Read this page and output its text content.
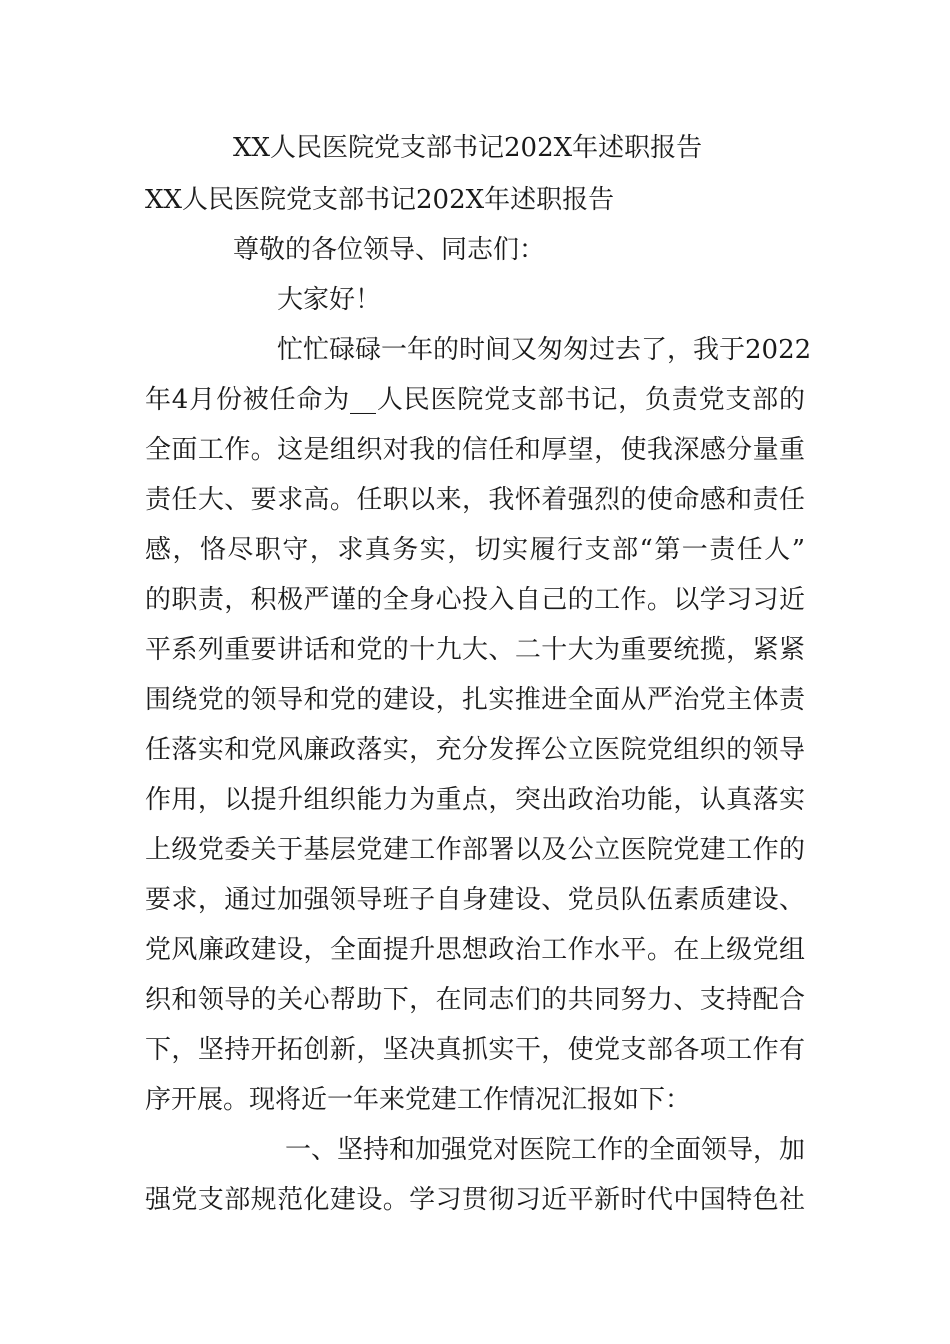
XX人民医院党支部书记202X年述职报告
XX人民医院党支部书记202X年述职报告
尊敬的各位领导、同志们：
大家好！
忙忙碌碌一年的时间又匆匆过去了，我于2022
年4月份被任命为__人民医院党支部书记，负责党支部的
全面工作。这是组织对我的信任和厚望，使我深感分量重
责任大、要求高。任职以来，我怀着强烈的使命感和责任
感，恪尽职守，求真务实，切实履行支部“第一责任人”
的职责，积极严谨的全身心投入自己的工作。以学习习近
平系列重要讲话和党的十九大、二十大为重要统揽，紧紧
围绕党的领导和党的建设，扎实推进全面从严治党主体责
任落实和党风廉政落实，充分发挥公立医院党组织的领导
作用，以提升组织能力为重点，突出政治功能，认真落实
上级党委关于基层党建工作部署以及公立医院党建工作的
要求，通过加强领导班子自身建设、党员队伍素质建设、
党风廉政建设，全面提升思想政治工作水平。在上级党组
织和领导的关心帮助下，在同志们的共同努力、支持配合
下，坚持开拓创新，坚决真抓实干，使党支部各项工作有
序开展。现将近一年来党建工作情况汇报如下：
一、坚持和加强党对医院工作的全面领导，加
强党支部规范化建设。学习贯彻习近平新时代中国特色社
